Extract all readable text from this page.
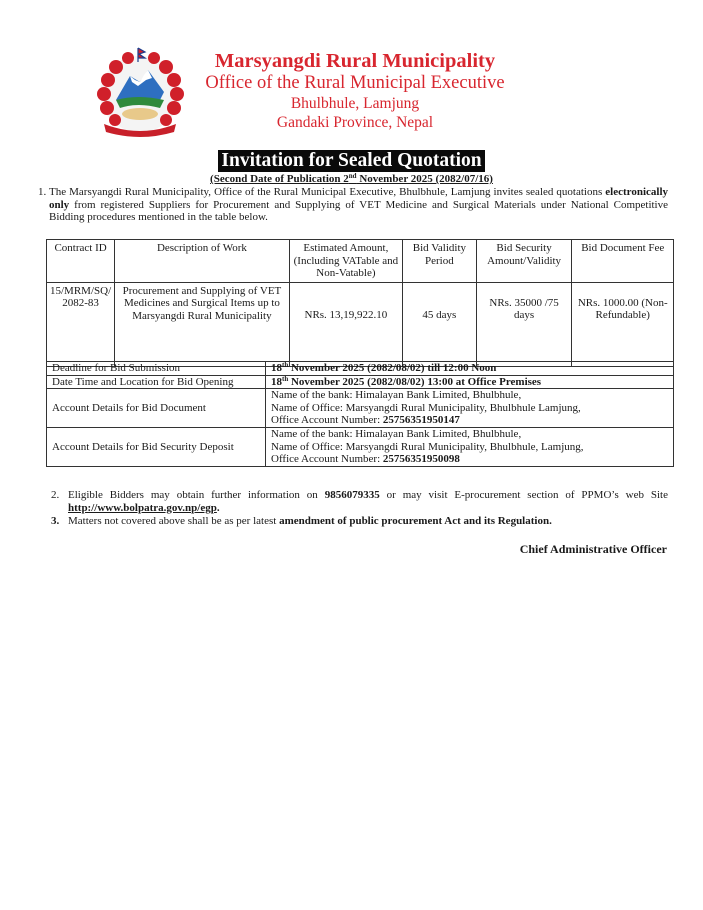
Marsyangdi Rural Municipality
Office of the Rural Municipal Executive
Bhulbhule, Lamjung
Gandaki Province, Nepal
Invitation for Sealed Quotation
(Second Date of Publication 2nd November 2025 (2082/07/16)
1. The Marsyangdi Rural Municipality, Office of the Rural Municipal Executive, Bhulbhule, Lamjung invites sealed quotations electronically only from registered Suppliers for Procurement and Supplying of VET Medicine and Surgical Materials under National Competitive Bidding procedures mentioned in the table below.
Contract ID	Description of Work	Estimated Amount, (Including VATable and Non-Vatable)	Bid Validity Period	Bid Security Amount/Validity	Bid Document Fee
15/MRM/SQ/ 2082-83	Procurement and Supplying of VET Medicines and Surgical Items up to Marsyangdi Rural Municipality	NRs. 13,19,922.10	45 days	NRs. 35000 /75 days	NRs. 1000.00 (Non-Refundable)
Deadline for Bid Submission	18th November 2025 (2082/08/02) till 12:00 Noon
Date Time and Location for Bid Opening	18th November 2025 (2082/08/02) 13:00 at Office Premises
Account Details for Bid Document	Name of the bank: Himalayan Bank Limited, Bhulbhule,
Name of Office: Marsyangdi Rural Municipality, Bhulbhule Lamjung,
Office Account Number: 25756351950147

Account Details for Bid Security Deposit	Name of the bank: Himalayan Bank Limited, Bhulbhule,
Name of Office: Marsyangdi Rural Municipality, Bhulbhule, Lamjung,
Office Account Number: 25756351950098
2. Eligible Bidders may obtain further information on 9856079335 or may visit E-procurement section of PPMO’s web Site http://www.bolpatra.gov.np/egp.
3. Matters not covered above shall be as per latest amendment of public procurement Act and its Regulation.
Chief Administrative Officer
